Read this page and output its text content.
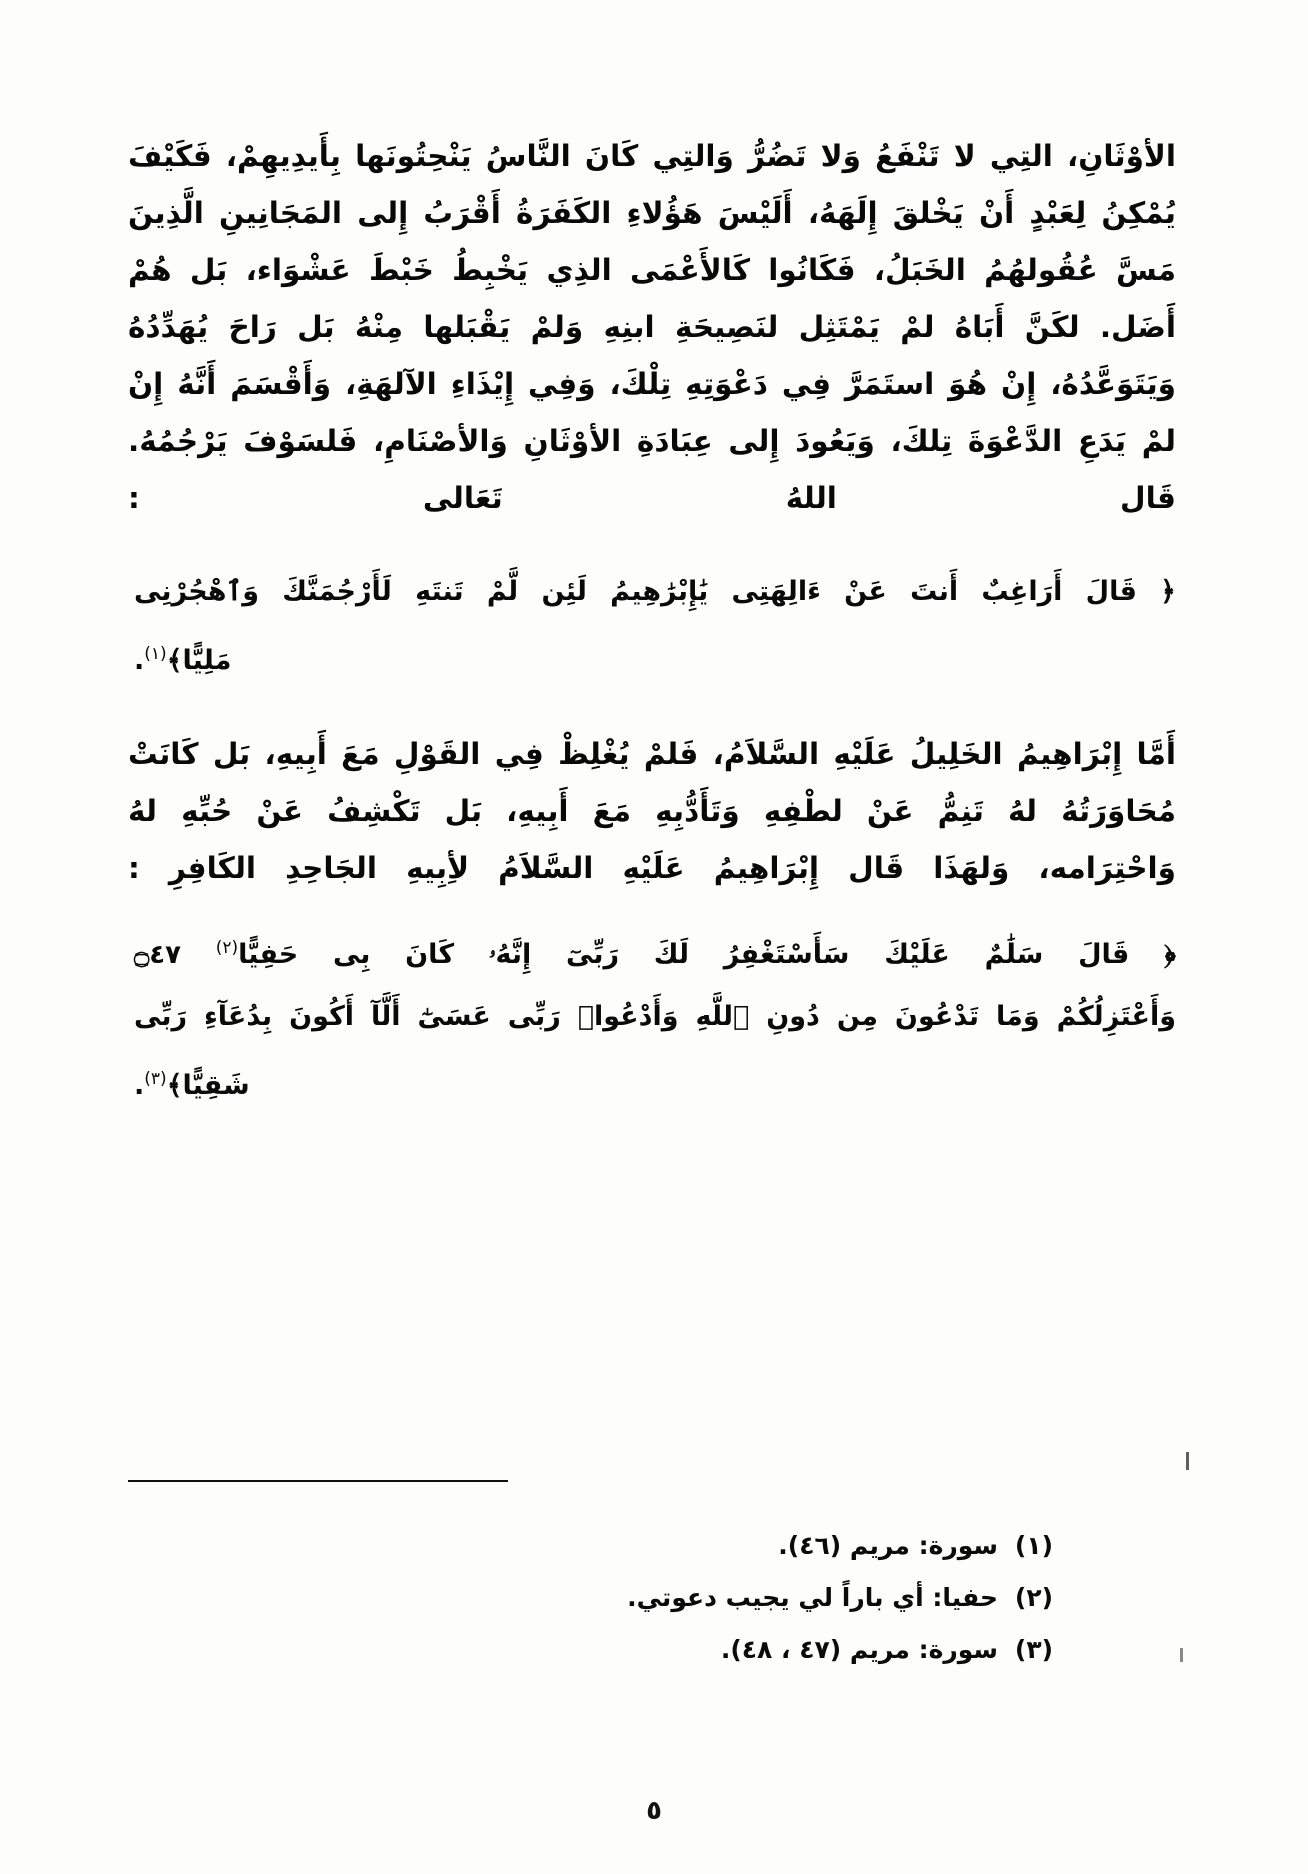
الأوْثَانِ، التِي لا تَنْفَعُ وَلا تَضُرُّ وَالتِي كَانَ النَّاسُ يَنْحِتُونَها بِأَيدِيهِمْ، فَكَيْفَ يُمْكِنُ لِعَبْدٍ أَنْ يَخْلقَ إِلَهَهُ، أَلَيْسَ هَؤُلاءِ الكَفَرَةُ أَقْرَبُ إِلى المَجَانِينِ الَّذِينَ مَسَّ عُقُولهُمُ الخَبَلُ، فَكَانُوا كَالأَعْمَى الذِي يَخْبِطُ خَبْطَ عَشْوَاء، بَل هُمْ أَضَل. لكَنَّ أَبَاهُ لمْ يَمْتَثِل لنَصِيحَةِ ابنِهِ وَلمْ يَقْبَلها مِنْهُ بَل رَاحَ يُهَدِّدُهُ وَيَتَوَعَّدُهُ، إِنْ هُوَ استَمَرَّ فِي دَعْوَتِهِ تِلْكَ، وَفِي إِيْذَاءِ الآلهَةِ، وَأَقْسَمَ أَنَّهُ إِنْ لمْ يَدَعِ الدَّعْوَةَ تِلكَ، وَيَعُودَ إِلى عِبَادَةِ الأوْثَانِ وَالأصْنَامِ، فَلسَوْفَ يَرْجُمُهُ. قَال اللهُ تَعَالى :

﴿ قَالَ أَرَاغِبٌ أَنتَ عَنْ ءَالِهَتِى يَٰإِبْرَٰهِيمُ لَئِن لَّمْ تَنتَهِ لَأَرْجُمَنَّكَ وَٱهْجُرْنِى
مَلِيًّا﴾$^{(١)}$.

أَمَّا إِبْرَاهِيمُ الخَلِيلُ عَلَيْهِ السَّلاَمُ، فَلمْ يُغْلِظْ فِي القَوْلِ مَعَ أَبِيهِ، بَل كَانَتْ مُحَاوَرَتُهُ لهُ تَنِمُّ عَنْ لطْفِهِ وَتَأَدُّبِهِ مَعَ أَبِيهِ، بَل تَكْشِفُ عَنْ حُبِّهِ لهُ وَاحْتِرَامه، وَلهَذَا قَال إِبْرَاهِيمُ عَلَيْهِ السَّلاَمُ لأِبِيهِ الجَاحِدِ الكَافِرِ :

﴿ قَالَ سَلَٰمٌ عَلَيْكَ سَأَسْتَغْفِرُ لَكَ رَبِّىٓ إِنَّهُۥ كَانَ بِى حَفِيًّا$^{(٢)}$ ۝٤٧
وَأَعْتَزِلُكُمْ وَمَا تَدْعُونَ مِن دُونِ ٱللَّهِ وَأَدْعُوا۟ رَبِّى عَسَىٰٓ أَلَّآ أَكُونَ بِدُعَآءِ رَبِّى
شَقِيًّا﴾$^{(٣)}$.
(١)سورة: مريم (٤٦).
(٢)حفيا: أي باراً لي يجيب دعوتي.
(٣)سورة: مريم (٤٧ ، ٤٨).
٥
